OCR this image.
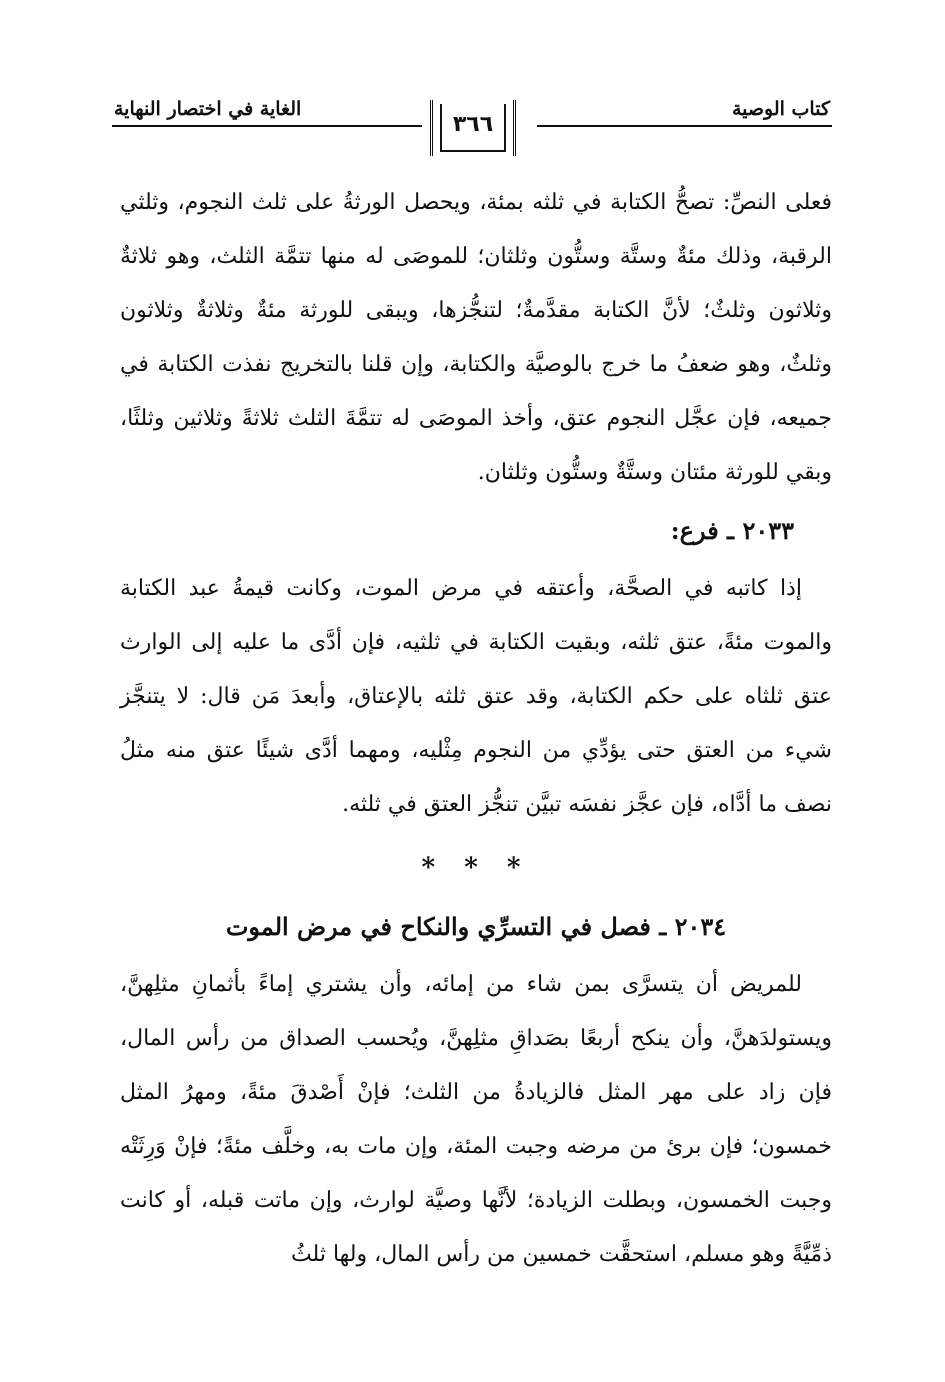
كتاب الوصية
٣٦٦
الغاية في اختصار النهاية

فعلى النصِّ: تصحُّ الكتابة في ثلثه بمئة، ويحصل الورثةُ على ثلث النجوم، وثلثي الرقبة، وذلك مئةٌ وستَّة وستُّون وثلثان؛ للموصَى له منها تتمَّة الثلث، وهو ثلاثةٌ وثلاثون وثلثٌ؛ لأنَّ الكتابة مقدَّمةٌ؛ لتنجُّزها، ويبقى للورثة مئةٌ وثلاثةٌ وثلاثون وثلثٌ، وهو ضعفُ ما خرج بالوصيَّة والكتابة، وإن قلنا بالتخريج نفذت الكتابة في جميعه، فإن عجَّل النجوم عتق، وأخذ الموصَى له تتمَّةَ الثلث ثلاثةً وثلاثين وثلثًا، وبقي للورثة مئتان وستَّةٌ وستُّون وثلثان.

٢٠٣٣ ـ فرع:

إذا كاتبه في الصحَّة، وأعتقه في مرض الموت، وكانت قيمةُ عبد الكتابة والموت مئةً، عتق ثلثه، وبقيت الكتابة في ثلثيه، فإن أدَّى ما عليه إلى الوارث عتق ثلثاه على حكم الكتابة، وقد عتق ثلثه بالإعتاق، وأبعدَ مَن قال: لا يتنجَّز شيء من العتق حتى يؤدِّي من النجوم مِثْليه، ومهما أدَّى شيئًا عتق منه مثلُ نصف ما أدَّاه، فإن عجَّز نفسَه تبيَّن تنجُّز العتق في ثلثه.

* * *

٢٠٣٤ ـ فصل في التسرِّي والنكاح في مرض الموت

للمريض أن يتسرَّى بمن شاء من إمائه، وأن يشتري إماءً بأثمانِ مثلِهنَّ، ويستولدَهنَّ، وأن ينكح أربعًا بصَداقِ مثلِهنَّ، ويُحسب الصداق من رأس المال، فإن زاد على مهر المثل فالزيادةُ من الثلث؛ فإنْ أَصْدقَ مئةً، ومهرُ المثل خمسون؛ فإن برئ من مرضه وجبت المئة، وإن مات به، وخلَّف مئةً؛ فإنْ وَرِثَتْه وجبت الخمسون، وبطلت الزيادة؛ لأنَّها وصيَّة لوارث، وإن ماتت قبله، أو كانت ذمِّيَّةً وهو مسلم، استحقَّت خمسين من رأس المال، ولها ثلثُ
